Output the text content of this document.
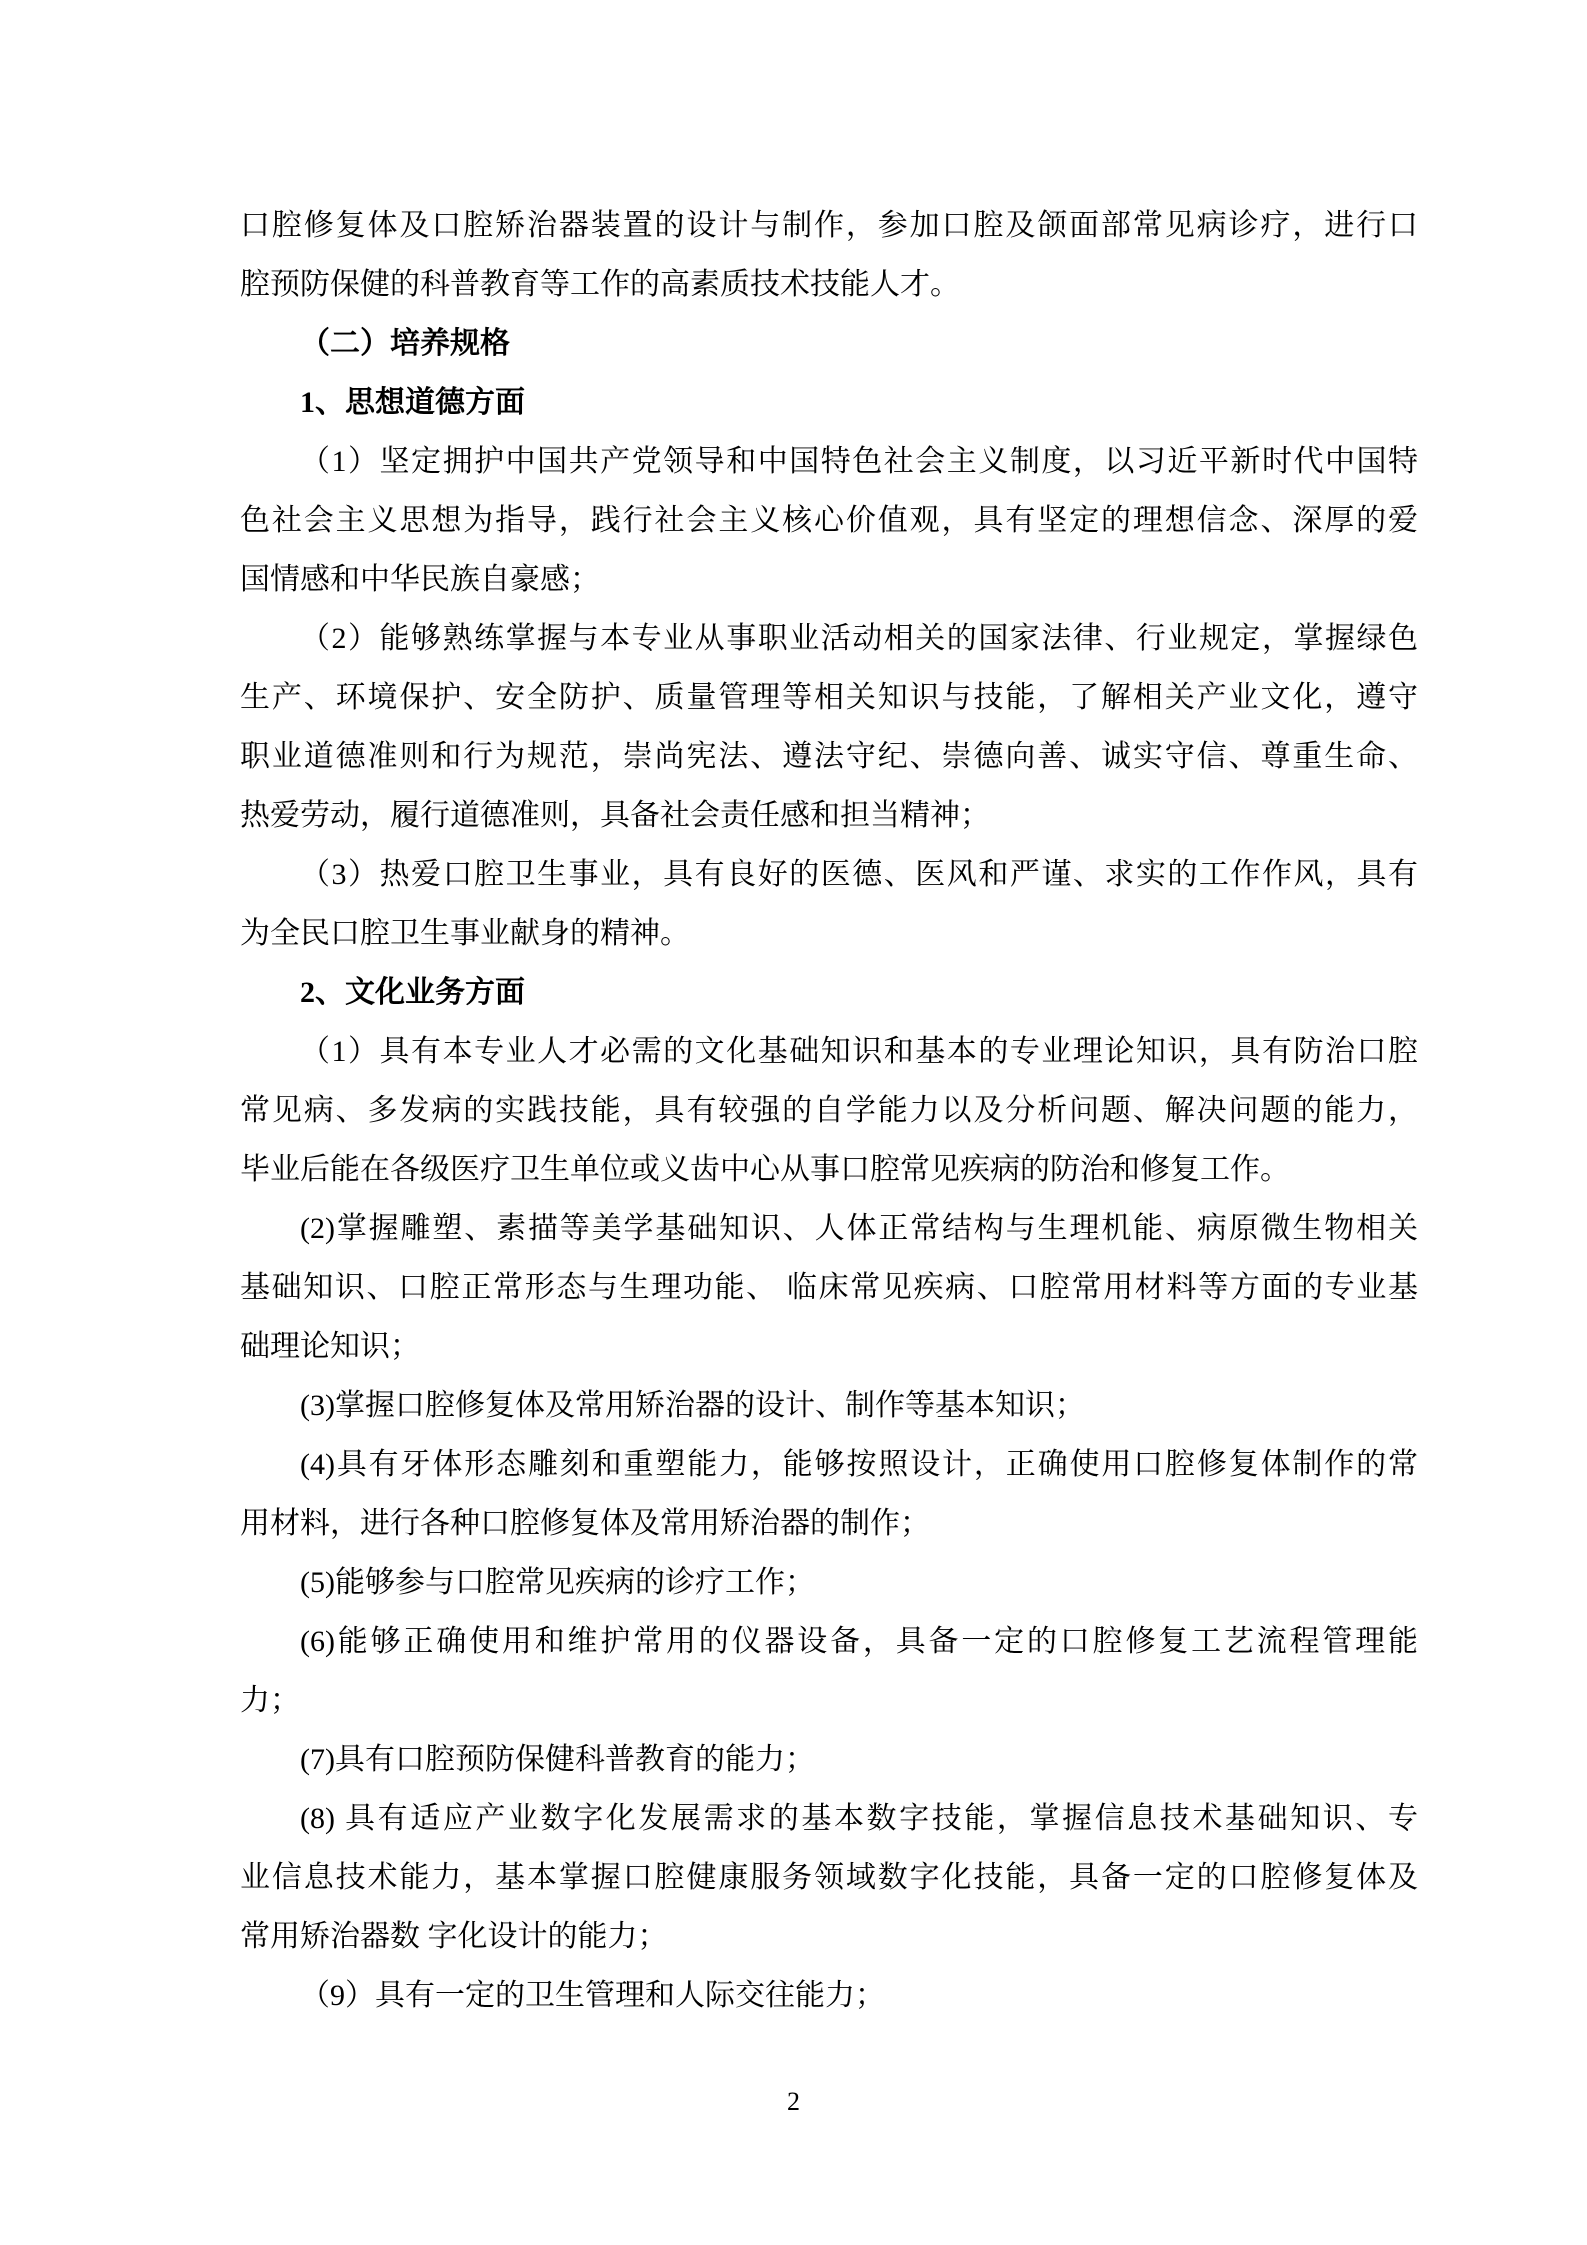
口腔修复体及口腔矫治器装置的设计与制作，参加口腔及颌面部常见病诊疗，进行口
腔预防保健的科普教育等工作的高素质技术技能人才。
（二）培养规格
1、思想道德方面
（1）坚定拥护中国共产党领导和中国特色社会主义制度，以习近平新时代中国特
色社会主义思想为指导，践行社会主义核心价值观，具有坚定的理想信念、深厚的爱
国情感和中华民族自豪感；
（2）能够熟练掌握与本专业从事职业活动相关的国家法律、行业规定，掌握绿色
生产、环境保护、安全防护、质量管理等相关知识与技能，了解相关产业文化，遵守
职业道德准则和行为规范，崇尚宪法、遵法守纪、崇德向善、诚实守信、尊重生命、
热爱劳动，履行道德准则，具备社会责任感和担当精神；
（3）热爱口腔卫生事业，具有良好的医德、医风和严谨、求实的工作作风，具有
为全民口腔卫生事业献身的精神。
2、文化业务方面
（1）具有本专业人才必需的文化基础知识和基本的专业理论知识，具有防治口腔
常见病、多发病的实践技能，具有较强的自学能力以及分析问题、解决问题的能力，
毕业后能在各级医疗卫生单位或义齿中心从事口腔常见疾病的防治和修复工作。
(2)掌握雕塑、素描等美学基础知识、人体正常结构与生理机能、病原微生物相关
基础知识、口腔正常形态与生理功能、 临床常见疾病、口腔常用材料等方面的专业基
础理论知识；
(3)掌握口腔修复体及常用矫治器的设计、制作等基本知识；
(4)具有牙体形态雕刻和重塑能力，能够按照设计，正确使用口腔修复体制作的常
用材料，进行各种口腔修复体及常用矫治器的制作；
(5)能够参与口腔常见疾病的诊疗工作；
(6)能够正确使用和维护常用的仪器设备，具备一定的口腔修复工艺流程管理能
力；
(7)具有口腔预防保健科普教育的能力；
(8) 具有适应产业数字化发展需求的基本数字技能，掌握信息技术基础知识、专
业信息技术能力，基本掌握口腔健康服务领域数字化技能，具备一定的口腔修复体及
常用矫治器数 字化设计的能力；
（9）具有一定的卫生管理和人际交往能力；
2
